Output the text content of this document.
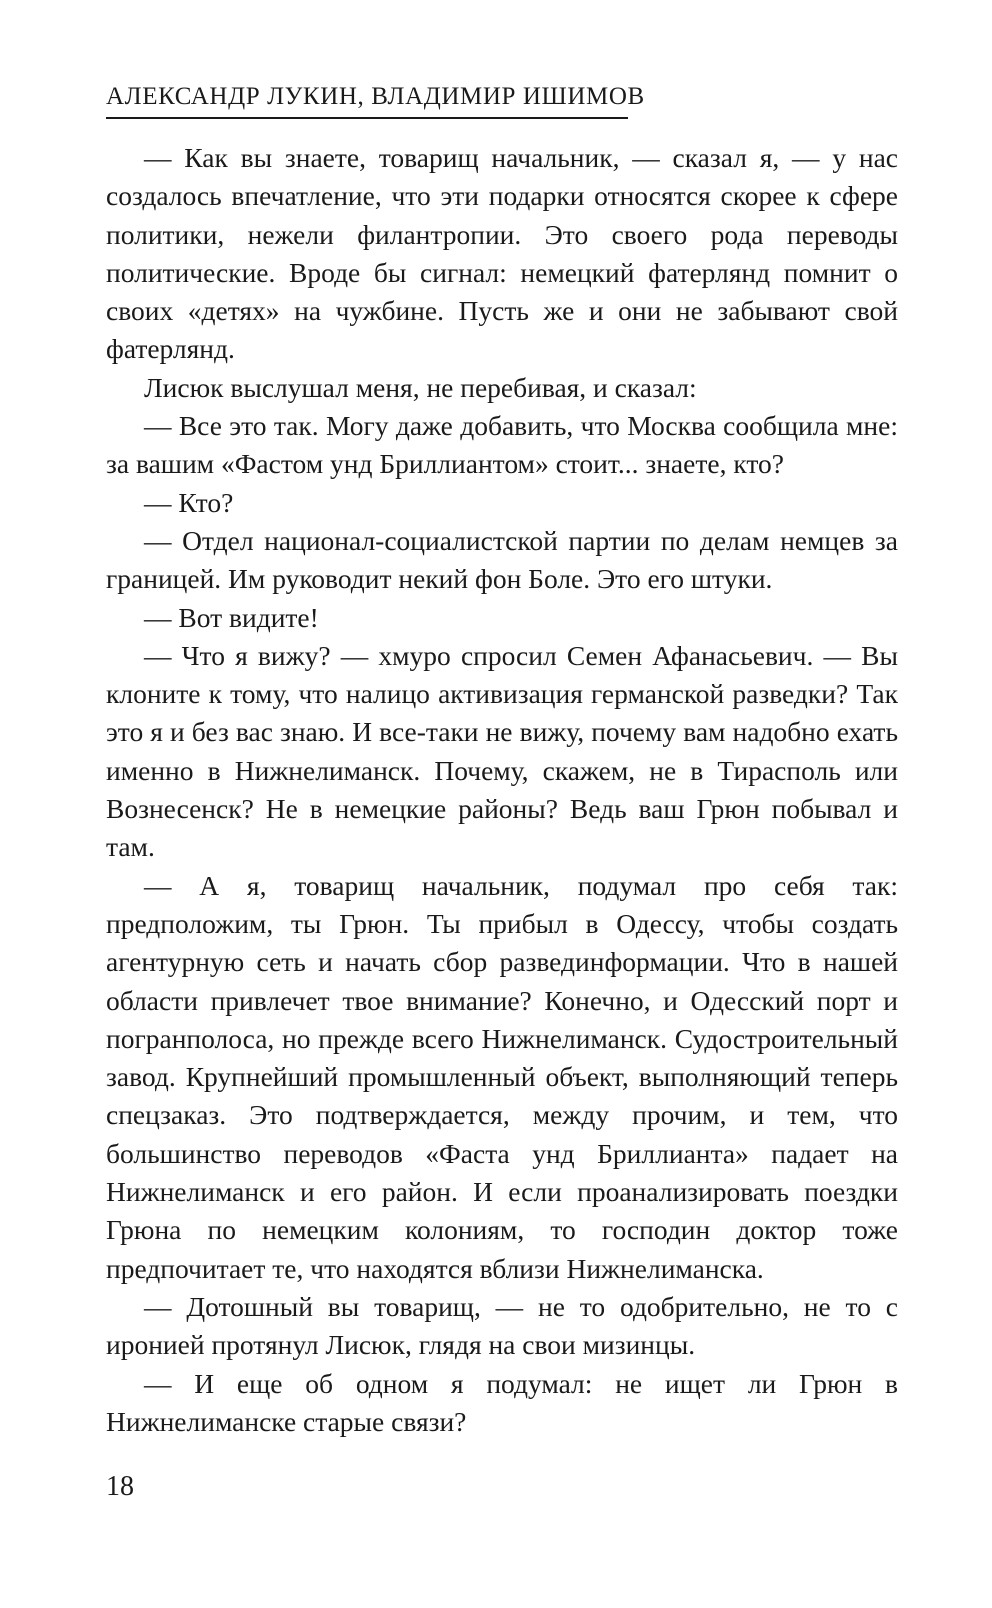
АЛЕКСАНДР ЛУКИН, ВЛАДИМИР ИШИМОВ

— Как вы знаете, товарищ начальник, — сказал я, — у нас создалось впечатление, что эти подарки относятся скорее к сфере политики, нежели филантропии. Это своего рода переводы политические. Вроде бы сигнал: немецкий фатерлянд помнит о своих «детях» на чужбине. Пусть же и они не забывают свой фатерлянд.

Лисюк выслушал меня, не перебивая, и сказал:

— Все это так. Могу даже добавить, что Москва сообщила мне: за вашим «Фастом унд Бриллиантом» стоит... знаете, кто?

— Кто?

— Отдел национал-социалистской партии по делам немцев за границей. Им руководит некий фон Боле. Это его штуки.

— Вот видите!

— Что я вижу? — хмуро спросил Семен Афанасьевич. — Вы клоните к тому, что налицо активизация германской разведки? Так это я и без вас знаю. И все-таки не вижу, почему вам надобно ехать именно в Нижнелиманск. Почему, скажем, не в Тирасполь или Вознесенск? Не в немецкие районы? Ведь ваш Грюн побывал и там.

— А я, товарищ начальник, подумал про себя так: предположим, ты Грюн. Ты прибыл в Одессу, чтобы создать агентурную сеть и начать сбор развединформации. Что в нашей области привлечет твое внимание? Конечно, и Одесский порт и погранполоса, но прежде всего Нижнелиманск. Судостроительный завод. Крупнейший промышленный объект, выполняющий теперь спецзаказ. Это подтверждается, между прочим, и тем, что большинство переводов «Фаста унд Бриллианта» падает на Нижнелиманск и его район. И если проанализировать поездки Грюна по немецким колониям, то господин доктор тоже предпочитает те, что находятся вблизи Нижнелиманска.

— Дотошный вы товарищ, — не то одобрительно, не то с иронией протянул Лисюк, глядя на свои мизинцы.

— И еще об одном я подумал: не ищет ли Грюн в Нижнелиманске старые связи?

18
